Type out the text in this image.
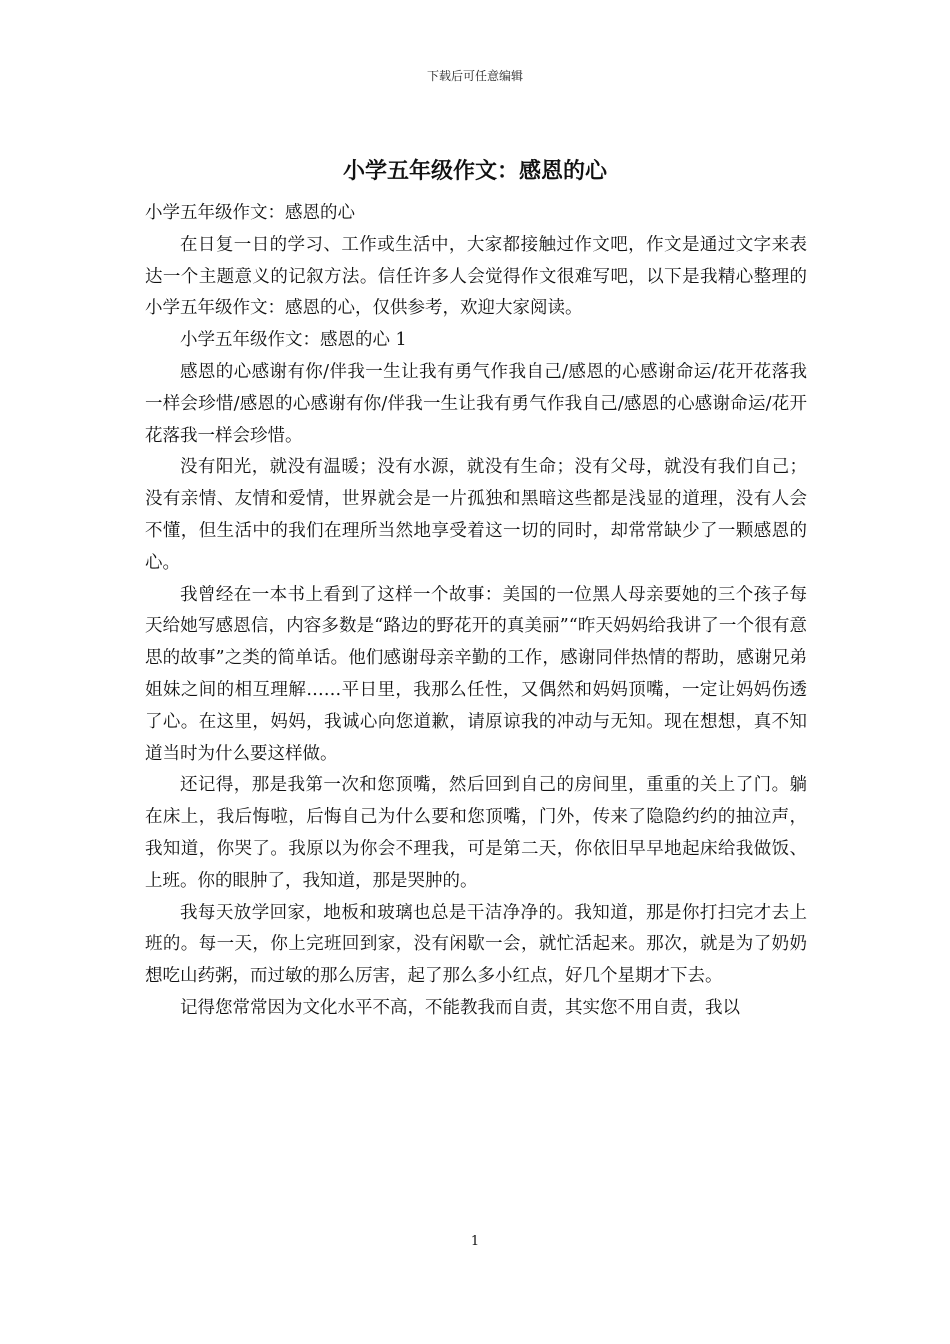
下载后可任意编辑
小学五年级作文：感恩的心

小学五年级作文：感恩的心

在日复一日的学习、工作或生活中，大家都接触过作文吧，作文是通过文字来表达一个主题意义的记叙方法。信任许多人会觉得作文很难写吧，以下是我精心整理的小学五年级作文：感恩的心，仅供参考，欢迎大家阅读。

小学五年级作文：感恩的心 1

感恩的心感谢有你/伴我一生让我有勇气作我自己/感恩的心感谢命运/花开花落我一样会珍惜/感恩的心感谢有你/伴我一生让我有勇气作我自己/感恩的心感谢命运/花开花落我一样会珍惜。

没有阳光，就没有温暖；没有水源，就没有生命；没有父母，就没有我们自己；没有亲情、友情和爱情，世界就会是一片孤独和黑暗这些都是浅显的道理，没有人会不懂，但生活中的我们在理所当然地享受着这一切的同时，却常常缺少了一颗感恩的心。

我曾经在一本书上看到了这样一个故事：美国的一位黑人母亲要她的三个孩子每天给她写感恩信，内容多数是“路边的野花开的真美丽”“昨天妈妈给我讲了一个很有意思的故事”之类的简单话。他们感谢母亲辛勤的工作，感谢同伴热情的帮助，感谢兄弟姐妹之间的相互理解……平日里，我那么任性，又偶然和妈妈顶嘴，一定让妈妈伤透了心。在这里，妈妈，我诚心向您道歉，请原谅我的冲动与无知。现在想想，真不知道当时为什么要这样做。

还记得，那是我第一次和您顶嘴，然后回到自己的房间里，重重的关上了门。躺在床上，我后悔啦，后悔自己为什么要和您顶嘴，门外，传来了隐隐约约的抽泣声，我知道，你哭了。我原以为你会不理我，可是第二天，你依旧早早地起床给我做饭、上班。你的眼肿了，我知道，那是哭肿的。

我每天放学回家，地板和玻璃也总是干洁净净的。我知道，那是你打扫完才去上班的。每一天，你上完班回到家，没有闲歇一会，就忙活起来。那次，就是为了奶奶想吃山药粥，而过敏的那么厉害，起了那么多小红点，好几个星期才下去。

记得您常常因为文化水平不高，不能教我而自责，其实您不用自责，我以

1
